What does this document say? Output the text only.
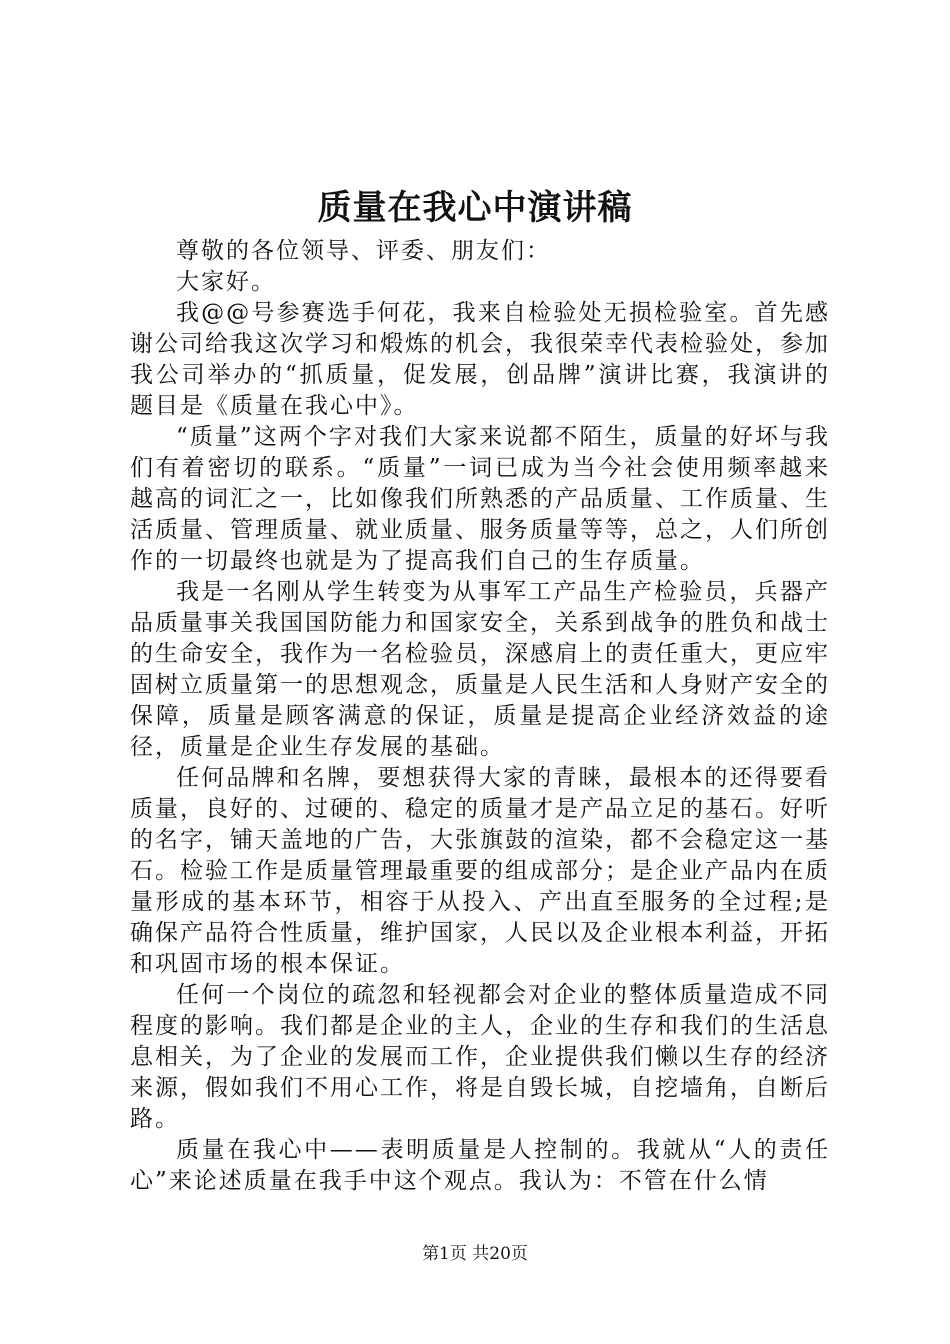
质量在我心中演讲稿

尊敬的各位领导、评委、朋友们：

大家好。

我@@号参赛选手何花，我来自检验处无损检验室。首先感谢公司给我这次学习和煅炼的机会，我很荣幸代表检验处，参加我公司举办的“抓质量，促发展，创品牌”演讲比赛，我演讲的题目是《质量在我心中》。

“质量”这两个字对我们大家来说都不陌生，质量的好坏与我们有着密切的联系。“质量”一词已成为当今社会使用频率越来越高的词汇之一，比如像我们所熟悉的产品质量、工作质量、生活质量、管理质量、就业质量、服务质量等等，总之，人们所创作的一切最终也就是为了提高我们自己的生存质量。

我是一名刚从学生转变为从事军工产品生产检验员，兵器产品质量事关我国国防能力和国家安全，关系到战争的胜负和战士的生命安全，我作为一名检验员，深感肩上的责任重大，更应牢固树立质量第一的思想观念，质量是人民生活和人身财产安全的保障，质量是顾客满意的保证，质量是提高企业经济效益的途径，质量是企业生存发展的基础。

任何品牌和名牌，要想获得大家的青睐，最根本的还得要看质量，良好的、过硬的、稳定的质量才是产品立足的基石。好听的名字，铺天盖地的广告，大张旗鼓的渲染，都不会稳定这一基石。检验工作是质量管理最重要的组成部分；是企业产品内在质量形成的基本环节，相容于从投入、产出直至服务的全过程;是确保产品符合性质量，维护国家，人民以及企业根本利益，开拓和巩固市场的根本保证。

任何一个岗位的疏忽和轻视都会对企业的整体质量造成不同程度的影响。我们都是企业的主人，企业的生存和我们的生活息息相关，为了企业的发展而工作，企业提供我们懒以生存的经济来源，假如我们不用心工作，将是自毁长城，自挖墙角，自断后路。

质量在我心中——表明质量是人控制的。我就从“人的责任心”来论述质量在我手中这个观点。我认为：不管在什么情

第1页 共20页
